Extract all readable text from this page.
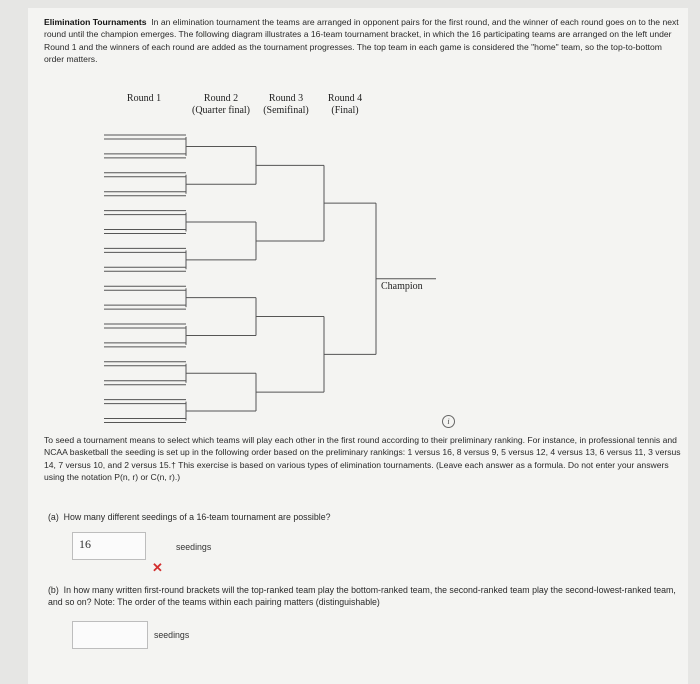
Elimination Tournaments In an elimination tournament the teams are arranged in opponent pairs for the first round, and the winner of each round goes on to the next round until the champion emerges. The following diagram illustrates a 16-team tournament bracket, in which the 16 participating teams are arranged on the left under Round 1 and the winners of each round are added as the tournament progresses. The top team in each game is considered the "home" team, so the top-to-bottom order matters.
Round 1	Round 2
(Quarter final)
Round 3
(Semifinal)
Round 4
(Final)
Champion
i
To seed a tournament means to select which teams will play each other in the first round according to their preliminary ranking. For instance, in professional tennis and NCAA basketball the seeding is set up in the following order based on the preliminary rankings: 1 versus 16, 8 versus 9, 5 versus 12, 4 versus 13, 6 versus 11, 3 versus 14, 7 versus 10, and 2 versus 15.† This exercise is based on various types of elimination tournaments. (Leave each answer as a formula. Do not enter your answers using the notation P(n, r) or C(n, r).)
(a) How many different seedings of a 16-team tournament are possible?
16	seedings
✕
(b) In how many written first-round brackets will the top-ranked team play the bottom-ranked team, the second-ranked team play the second-lowest-ranked team, and so on? Note: The order of the teams within each pairing matters (distinguishable)
seedings
